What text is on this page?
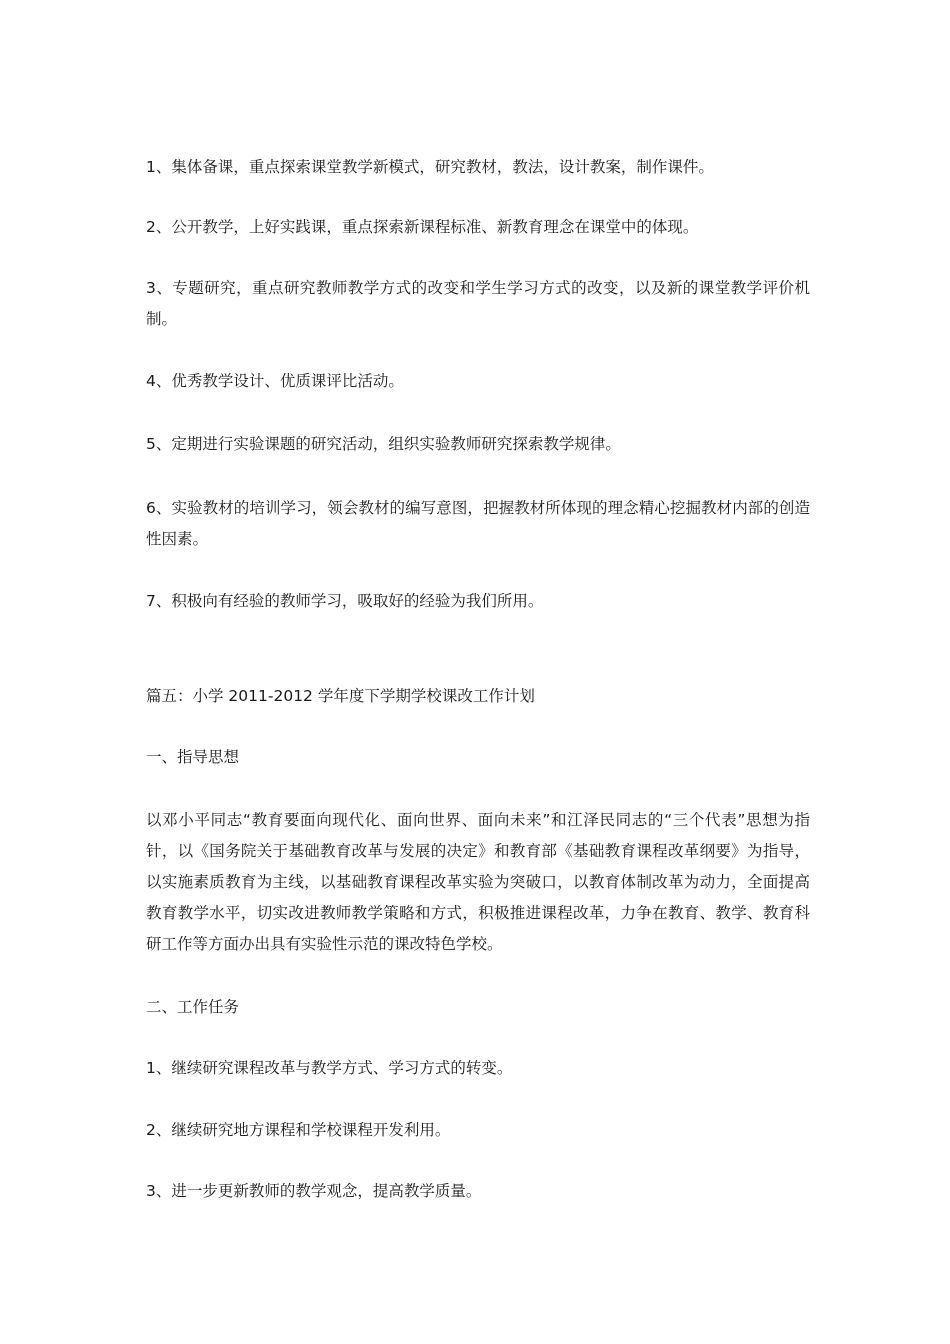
1、集体备课，重点探索课堂教学新模式，研究教材，教法，设计教案，制作课件。

2、公开教学，上好实践课，重点探索新课程标准、新教育理念在课堂中的体现。

3、专题研究，重点研究教师教学方式的改变和学生学习方式的改变，以及新的课堂教学评价机制。

4、优秀教学设计、优质课评比活动。

5、定期进行实验课题的研究活动，组织实验教师研究探索教学规律。

6、实验教材的培训学习，领会教材的编写意图，把握教材所体现的理念精心挖掘教材内部的创造性因素。

7、积极向有经验的教师学习，吸取好的经验为我们所用。

篇五：小学 2011-2012 学年度下学期学校课改工作计划

一、指导思想

以邓小平同志“教育要面向现代化、面向世界、面向未来”和江泽民同志的“三个代表”思想为指针，以《国务院关于基础教育改革与发展的决定》和教育部《基础教育课程改革纲要》为指导，以实施素质教育为主线，以基础教育课程改革实验为突破口，以教育体制改革为动力，全面提高教育教学水平，切实改进教师教学策略和方式，积极推进课程改革，力争在教育、教学、教育科研工作等方面办出具有实验性示范的课改特色学校。

二、工作任务

1、继续研究课程改革与教学方式、学习方式的转变。

2、继续研究地方课程和学校课程开发利用。

3、进一步更新教师的教学观念，提高教学质量。
